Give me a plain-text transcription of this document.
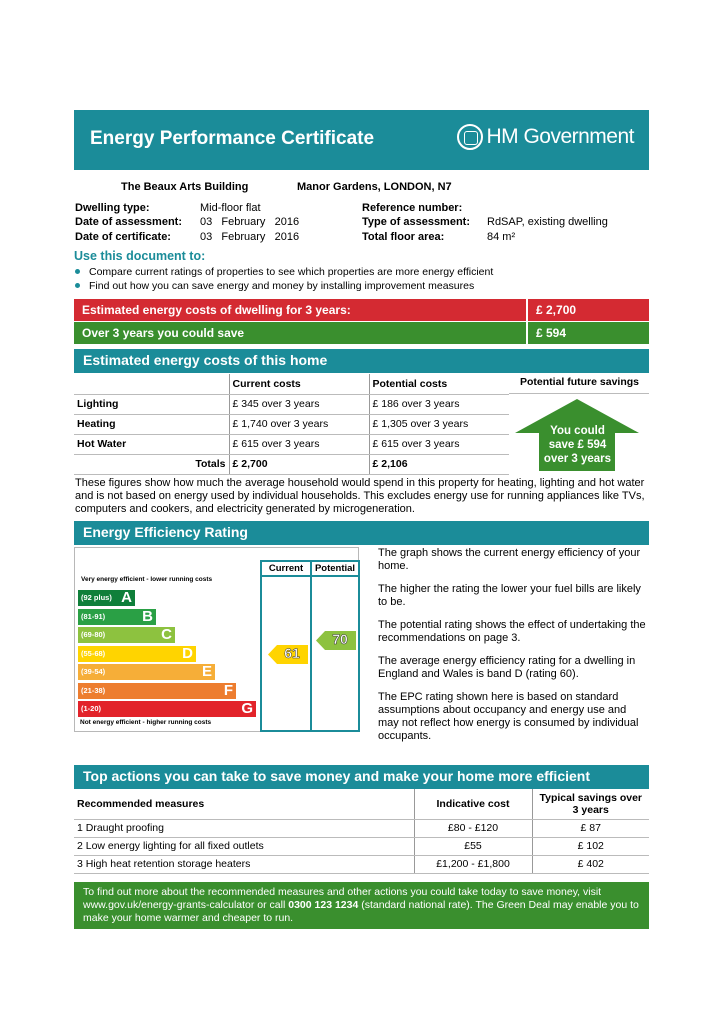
Energy Performance Certificate	HM Government
The Beaux Arts Building	Manor Gardens, LONDON, N7
Dwelling type:	Mid-floor flat
Date of assessment: 03   February   2016
Date of certificate:	03   February   2016
Reference number:
Type of assessment: RdSAP, existing dwelling
Total floor area:	84 m²
Use this document to:
Compare current ratings of properties to see which properties are more energy efficient
Find out how you can save energy and money by installing improvement measures
Estimated energy costs of dwelling for 3 years:	£ 2,700
Over 3 years you could save	£ 594
Estimated energy costs of this home
	Current costs	Potential costs
Lighting	£ 345 over 3 years	£ 186 over 3 years
Heating	£ 1,740 over 3 years	£ 1,305 over 3 years
Hot Water	£ 615 over 3 years	£ 615 over 3 years
Totals	£ 2,700	£ 2,106
Potential future savings
You could
save £ 594
over 3 years
These figures show how much the average household would spend in this property for heating, lighting and hot water and is not based on energy used by individual households. This excludes energy use for running appliances like TVs, computers and cookers, and electricity generated by microgeneration.
Energy Efficiency Rating
Very energy efficient - lower running costs
Not energy efficient - higher running costs
(92 plus) A
(81-91) B
(69-80)	C
(55-68)	D
(39-54)	E
(21-38)	F
(1-20)	G
Current	Potential
61
70
The graph shows the current energy efficiency of your home.
The higher the rating the lower your fuel bills are likely to be.
The potential rating shows the effect of undertaking the recommendations on page 3.
The average energy efficiency rating for a dwelling in England and Wales is band D (rating 60).
The EPC rating shown here is based on standard assumptions about occupancy and energy use and may not reflect how energy is consumed by individual occupants.
Top actions you can take to save money and make your home more efficient
Recommended measures	Indicative cost	Typical savings over 3 years
1 Draught proofing	£80 - £120	£ 87
2 Low energy lighting for all fixed outlets	£55	£ 102
3 High heat retention storage heaters	£1,200 - £1,800	£ 402
To find out more about the recommended measures and other actions you could take today to save money, visit www.gov.uk/energy-grants-calculator or call 0300 123 1234 (standard national rate). The Green Deal may enable you to make your home warmer and cheaper to run.
